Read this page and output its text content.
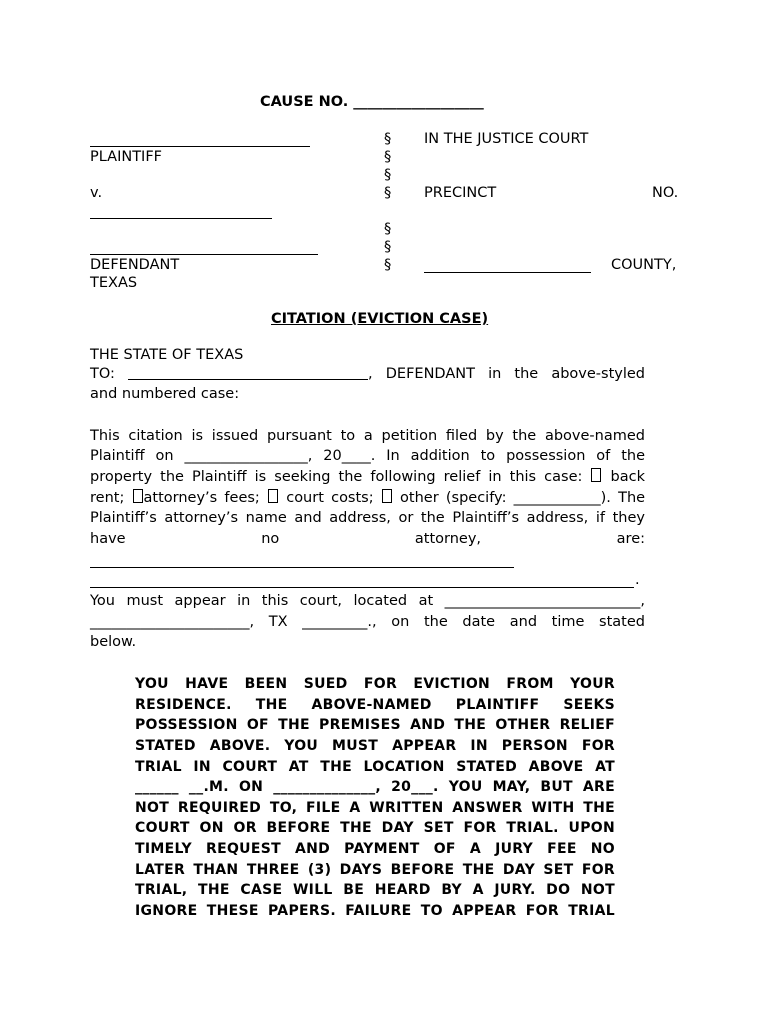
CAUSE NO. __________________
PLAINTIFF
v.
DEFENDANT
TEXAS
§
§
§
§
§
§
§
IN THE JUSTICE COURT
PRECINCT	NO.
COUNTY,
CITATION (EVICTION CASE)
THE STATE OF TEXAS
TO:	, DEFENDANT in the above-styled
and numbered case:
This citation is issued pursuant to a petition filed by the above-named
Plaintiff on _________________, 20____. In addition to possession of the
property the Plaintiff is seeking the following relief in this case: back
rent; attorney’s fees; court costs; other (specify: ____________). The
Plaintiff’s attorney’s name and address, or the Plaintiff’s address, if they
have no attorney, are:
.
You must appear in this court, located at ___________________________,
______________________, TX _________., on the date and time stated
below.
YOU HAVE BEEN SUED FOR EVICTION FROM YOUR
RESIDENCE. THE ABOVE-NAMED PLAINTIFF SEEKS
POSSESSION OF THE PREMISES AND THE OTHER RELIEF
STATED ABOVE. YOU MUST APPEAR IN PERSON FOR
TRIAL IN COURT AT THE LOCATION STATED ABOVE AT
______ __.M. ON ______________, 20___. YOU MAY, BUT ARE
NOT REQUIRED TO, FILE A WRITTEN ANSWER WITH THE
COURT ON OR BEFORE THE DAY SET FOR TRIAL. UPON
TIMELY REQUEST AND PAYMENT OF A JURY FEE NO
LATER THAN THREE (3) DAYS BEFORE THE DAY SET FOR
TRIAL, THE CASE WILL BE HEARD BY A JURY. DO NOT
IGNORE THESE PAPERS. FAILURE TO APPEAR FOR TRIAL
